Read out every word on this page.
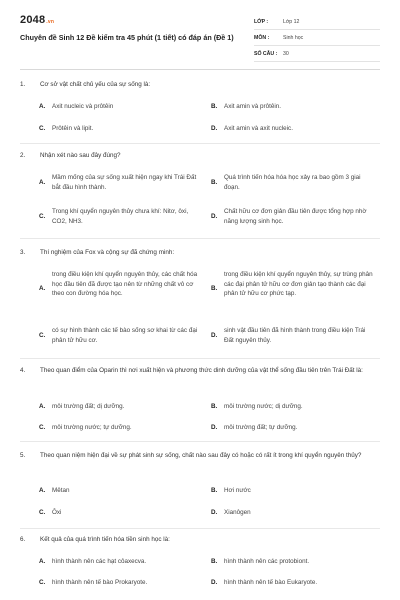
2048.vn
Chuyên đề Sinh 12 Đề kiểm tra 45 phút (1 tiết) có đáp án (Đề 1)
LỚP :	Lớp 12
MÔN :	Sinh học
SỐ CÂU :	30
1. Cơ sở vật chất chủ yếu của sự sống là:
A. Axit nucleic và prôtêin	B. Axit amin và prôtêin.
C. Prôtêin và lipit.	D. Axit amin và axit nucleic.
2. Nhận xét nào sau đây đúng?
A.
Mầm mống của sự sống xuất hiện ngay khi Trái Đất bắt đầu hình thành.
B.
Quá trình tiến hóa hóa học xảy ra bao gồm 3 giai đoạn.
C.
Trong khí quyển nguyên thủy chưa khí: Nitơ, ôxi, CO2, NH3.
D.
Chất hữu cơ đơn giản đầu tiên được tổng hợp nhờ năng lượng sinh học.
3. Thí nghiệm của Fox và cộng sự đã chứng minh:
A.
trong điều kiện khí quyển nguyên thủy, các chất hóa học đầu tiên đã được tạo nên từ những chất vô cơ theo con đường hóa học.
B.
trong điều kiện khí quyển nguyên thủy, sự trùng phân các đại phân tử hữu cơ đơn giản tạo thành các đại phân tử hữu cơ phức tạp.
C.
có sự hình thành các tế bào sống sơ khai từ các đại phân tử hữu cơ.
D.
sinh vật đầu tiên đã hình thành trong điều kiện Trái Đất nguyên thủy.
4. Theo quan điểm của Oparin thì nơi xuất hiện và phương thức dinh dưỡng của vật thể sống đầu tiên trên Trái Đất là:
A. môi trường đất; dị dưỡng.	B. môi trường nước; dị dưỡng.
C. môi trường nước; tự dưỡng.	D. môi trường đất; tự dưỡng.
5. Theo quan niệm hiện đại về sự phát sinh sự sống, chất nào sau đây có hoặc có rất ít trong khí quyển nguyên thủy?
A. Mêtan	B. Hơi nước
C. Ôxi	D. Xianôgen
6. Kết quả của quá trình tiến hóa tiền sinh học là:
A. hình thành nên các hạt côaxecva.	B. hình thành nên các protobiont.
C. hình thành nên tế bào Prokaryote.	D. hình thành nên tế bào Eukaryote.
